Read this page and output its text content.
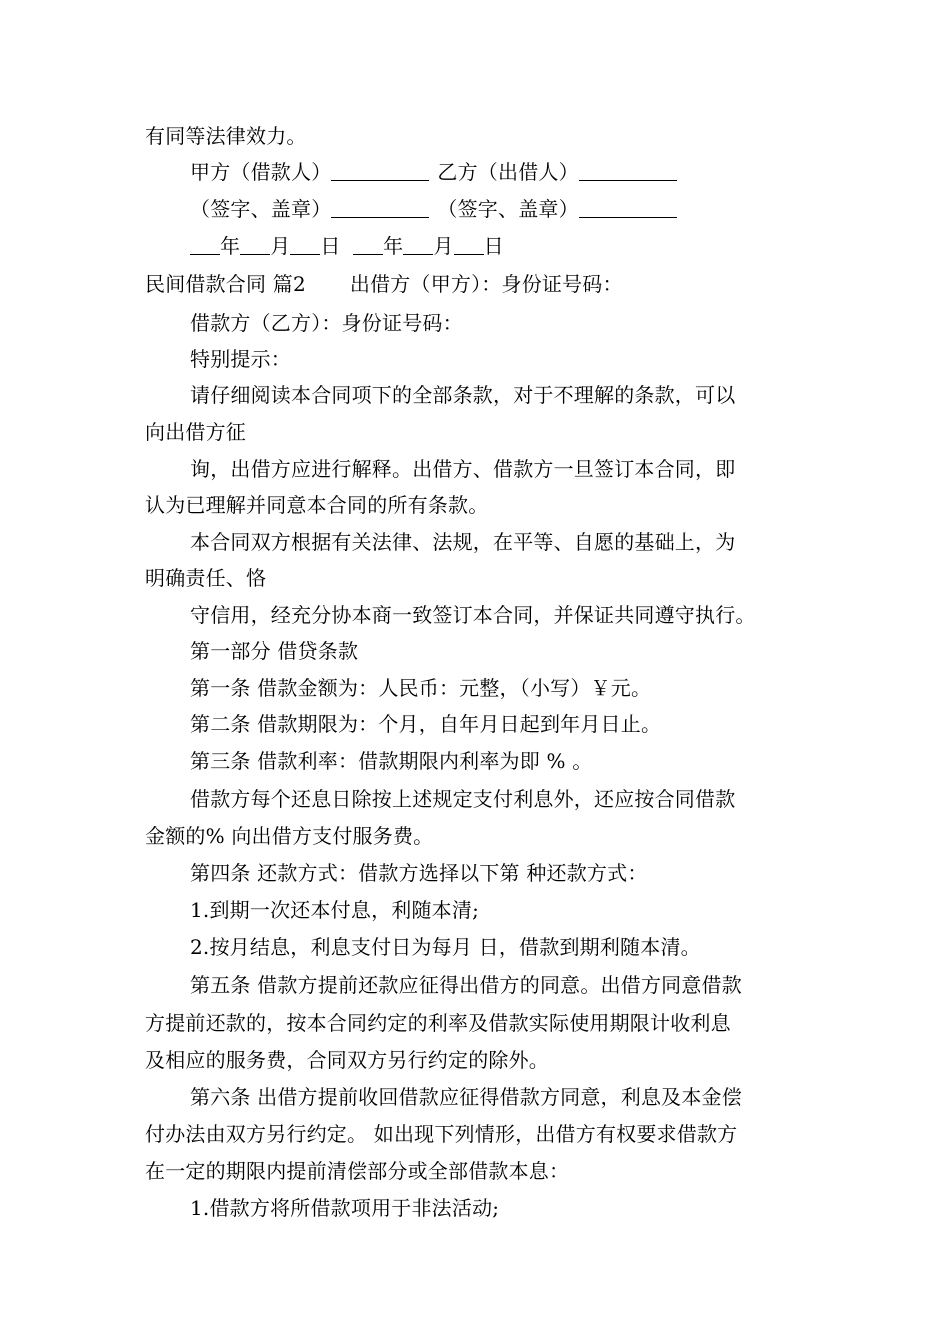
有同等法律效力。
甲方（借款人）	乙方（出借人）
（签字、盖章）	（签字、盖章）
年 月 日 年 月 日
民间借款合同 篇2 出借方（甲方）：身份证号码：
借款方（乙方）：身份证号码：
特别提示：
请仔细阅读本合同项下的全部条款，对于不理解的条款，可以
向出借方征
询，出借方应进行解释。出借方、借款方一旦签订本合同，即
认为已理解并同意本合同的所有条款。
本合同双方根据有关法律、法规，在平等、自愿的基础上，为
明确责任、恪
守信用，经充分协本商一致签订本合同，并保证共同遵守执行。
第一部分 借贷条款
第一条 借款金额为：人民币：元整，（小写）￥元。
第二条 借款期限为：个月，自年月日起到年月日止。
第三条 借款利率：借款期限内利率为即 % 。
借款方每个还息日除按上述规定支付利息外，还应按合同借款
金额的% 向出借方支付服务费。
第四条 还款方式：借款方选择以下第 种还款方式：
1.到期一次还本付息，利随本清;
2.按月结息，利息支付日为每月 日，借款到期利随本清。
第五条 借款方提前还款应征得出借方的同意。出借方同意借款
方提前还款的，按本合同约定的利率及借款实际使用期限计收利息
及相应的服务费，合同双方另行约定的除外。
第六条 出借方提前收回借款应征得借款方同意，利息及本金偿
付办法由双方另行约定。 如出现下列情形，出借方有权要求借款方
在一定的期限内提前清偿部分或全部借款本息：
1.借款方将所借款项用于非法活动;
